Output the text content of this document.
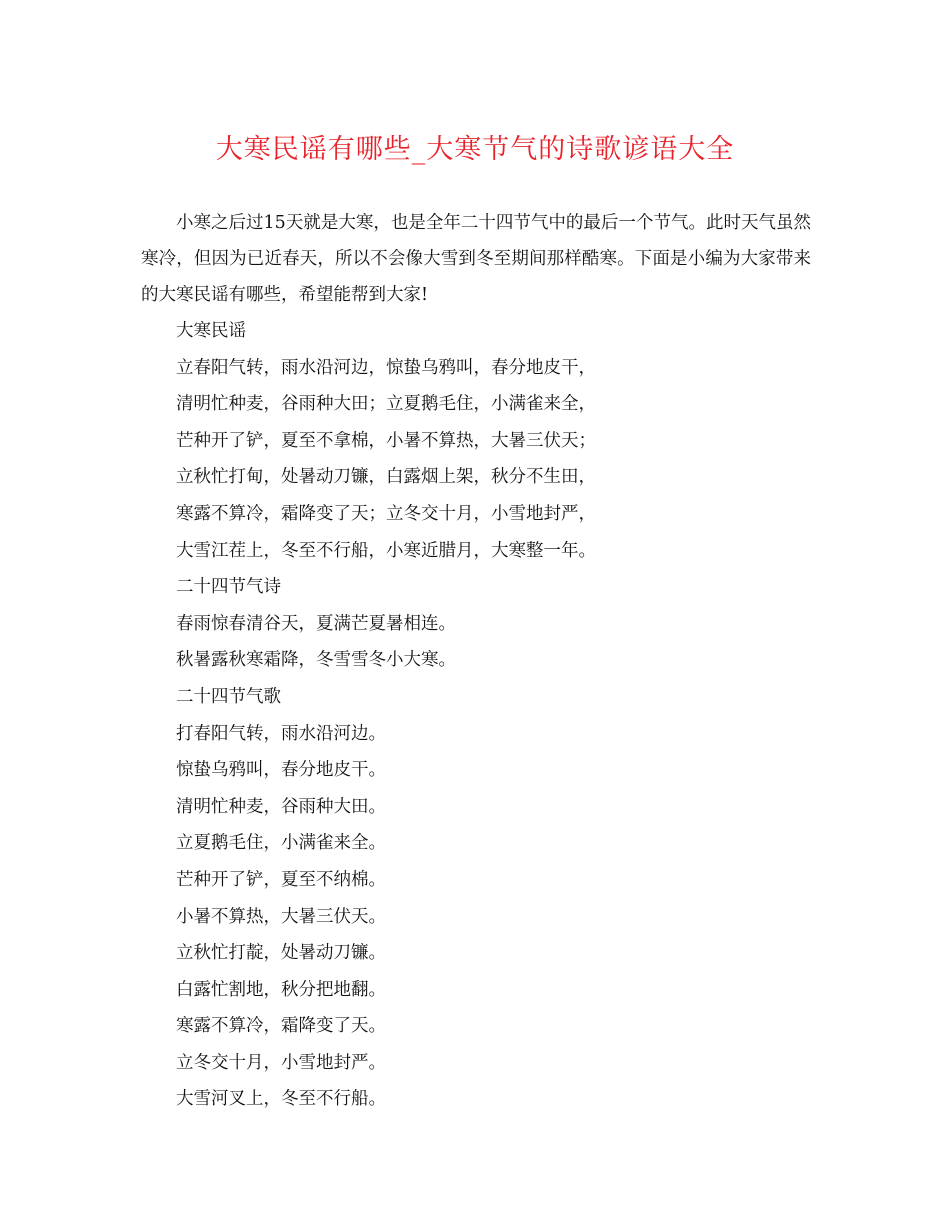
大寒民谣有哪些_大寒节气的诗歌谚语大全

小寒之后过15天就是大寒，也是全年二十四节气中的最后一个节气。此时天气虽然寒冷，但因为已近春天，所以不会像大雪到冬至期间那样酷寒。下面是小编为大家带来的大寒民谣有哪些，希望能帮到大家!

大寒民谣

立春阳气转，雨水沿河边，惊蛰乌鸦叫，春分地皮干，

清明忙种麦，谷雨种大田；立夏鹅毛住，小满雀来全，

芒种开了铲，夏至不拿棉，小暑不算热，大暑三伏天；

立秋忙打甸，处暑动刀镰，白露烟上架，秋分不生田，

寒露不算冷，霜降变了天；立冬交十月，小雪地封严，

大雪江茬上，冬至不行船，小寒近腊月，大寒整一年。

二十四节气诗

春雨惊春清谷天，夏满芒夏暑相连。

秋暑露秋寒霜降，冬雪雪冬小大寒。

二十四节气歌

打春阳气转，雨水沿河边。

惊蛰乌鸦叫，春分地皮干。

清明忙种麦，谷雨种大田。

立夏鹅毛住，小满雀来全。

芒种开了铲，夏至不纳棉。

小暑不算热，大暑三伏天。

立秋忙打靛，处暑动刀镰。

白露忙割地，秋分把地翻。

寒露不算冷，霜降变了天。

立冬交十月，小雪地封严。

大雪河叉上，冬至不行船。
